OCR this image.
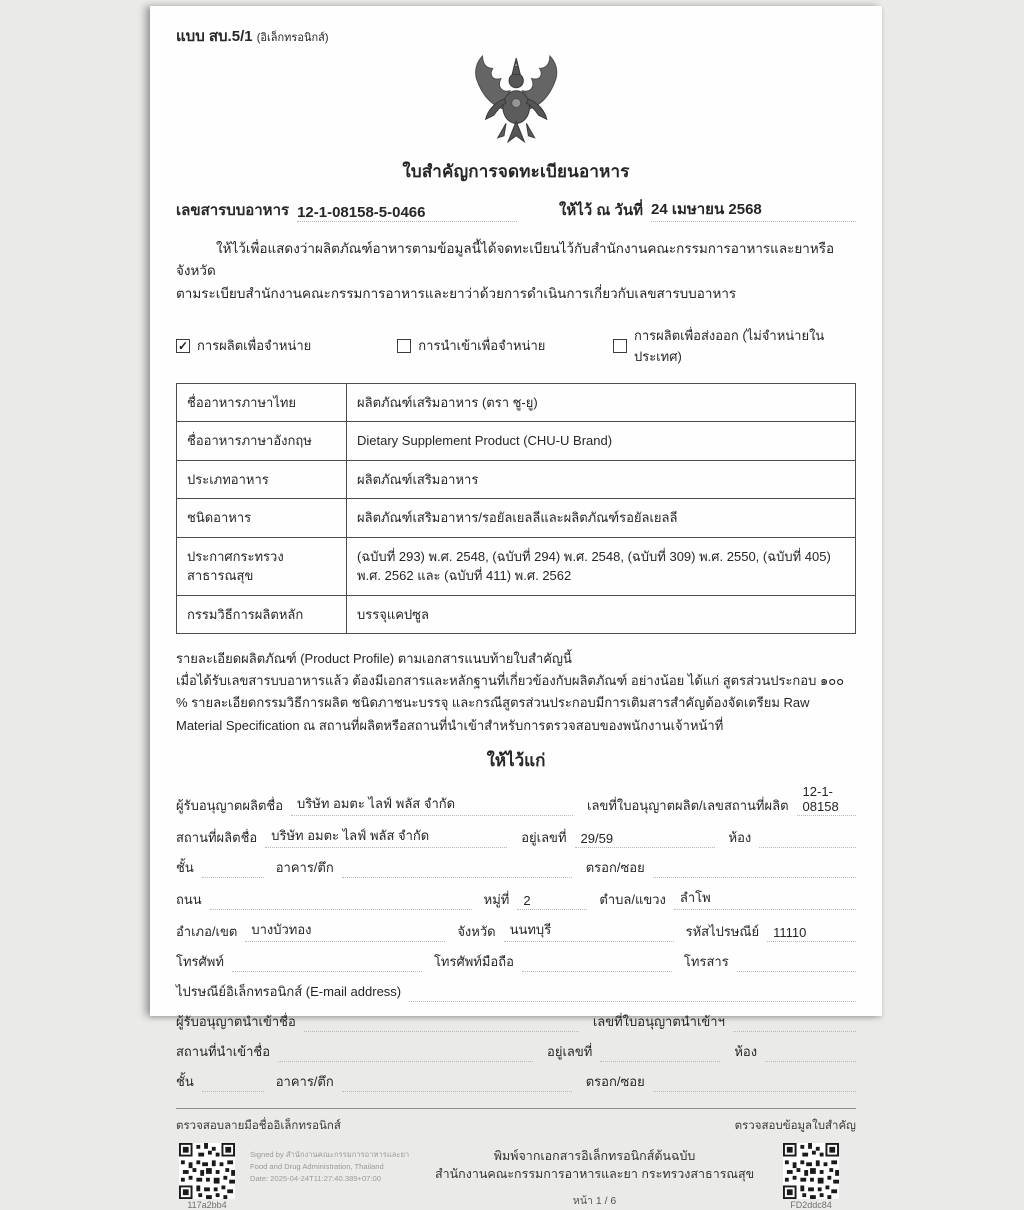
แบบ สบ.5/1 (อิเล็กทรอนิกส์)
ใบสำคัญการจดทะเบียนอาหาร
เลขสารบบอาหาร 12-1-08158-5-0466	ให้ไว้ ณ วันที่ 24 เมษายน 2568
ให้ไว้เพื่อแสดงว่าผลิตภัณฑ์อาหารตามข้อมูลนี้ได้จดทะเบียนไว้กับสำนักงานคณะกรรมการอาหารและยาหรือจังหวัด
ตามระเบียบสำนักงานคณะกรรมการอาหารและยาว่าด้วยการดำเนินการเกี่ยวกับเลขสารบบอาหาร
✓ การผลิตเพื่อจำหน่าย	การนำเข้าเพื่อจำหน่าย
การผลิตเพื่อส่งออก (ไม่จำหน่ายในประเทศ)
ชื่ออาหารภาษาไทย	ผลิตภัณฑ์เสริมอาหาร (ตรา ชู-ยู)
ชื่ออาหารภาษาอังกฤษ	Dietary Supplement Product (CHU-U Brand)
ประเภทอาหาร	ผลิตภัณฑ์เสริมอาหาร
ชนิดอาหาร	ผลิตภัณฑ์เสริมอาหาร/รอยัลเยลลีและผลิตภัณฑ์รอยัลเยลลี
ประกาศกระทรวงสาธารณสุข	(ฉบับที่ 293) พ.ศ. 2548, (ฉบับที่ 294) พ.ศ. 2548, (ฉบับที่ 309) พ.ศ. 2550, (ฉบับที่ 405) พ.ศ. 2562 และ (ฉบับที่ 411) พ.ศ. 2562
กรรมวิธีการผลิตหลัก	บรรจุแคปซูล
รายละเอียดผลิตภัณฑ์ (Product Profile) ตามเอกสารแนบท้ายใบสำคัญนี้
เมื่อได้รับเลขสารบบอาหารแล้ว ต้องมีเอกสารและหลักฐานที่เกี่ยวข้องกับผลิตภัณฑ์ อย่างน้อย ได้แก่ สูตรส่วนประกอบ ๑๐๐ % รายละเอียดกรรมวิธีการผลิต ชนิดภาชนะบรรจุ และกรณีสูตรส่วนประกอบมีการเติมสารสำคัญต้องจัดเตรียม Raw Material Specification ณ สถานที่ผลิตหรือสถานที่นำเข้าสำหรับการตรวจสอบของพนักงานเจ้าหน้าที่
ให้ไว้แก่
ผู้รับอนุญาตผลิตชื่อ	บริษัท อมตะ ไลฟ์ พลัส จำกัด	เลขที่ใบอนุญาตผลิต/เลขสถานที่ผลิต
12-1-08158
สถานที่ผลิตชื่อ	บริษัท อมตะ ไลฟ์ พลัส จำกัด	อยู่เลขที่	29/59	ห้อง
ชั้น	อาคาร/ตึก	ตรอก/ซอย
ถนน	หมู่ที่	2	ตำบล/แขวง	ลำโพ
อำเภอ/เขต	บางบัวทอง	จังหวัด	นนทบุรี	รหัสไปรษณีย์	11110
โทรศัพท์	โทรศัพท์มือถือ	โทรสาร
ไปรษณีย์อิเล็กทรอนิกส์ (E-mail address)
ผู้รับอนุญาตนำเข้าชื่อ	เลขที่ใบอนุญาตนำเข้าฯ
สถานที่นำเข้าชื่อ	อยู่เลขที่	ห้อง
ชั้น	อาคาร/ตึก	ตรอก/ซอย
ตรวจสอบลายมือชื่ออิเล็กทรอนิกส์	ตรวจสอบข้อมูลใบสำคัญ
117a2bb4
Signed by สำนักงานคณะกรรมการอาหารและยา
Food and Drug Administration, Thailand
Date: 2025-04-24T11:27:40.389+07:00
พิมพ์จากเอกสารอิเล็กทรอนิกส์ต้นฉบับ
สำนักงานคณะกรรมการอาหารและยา กระทรวงสาธารณสุข
หน้า 1 / 6	FD2ddc84
